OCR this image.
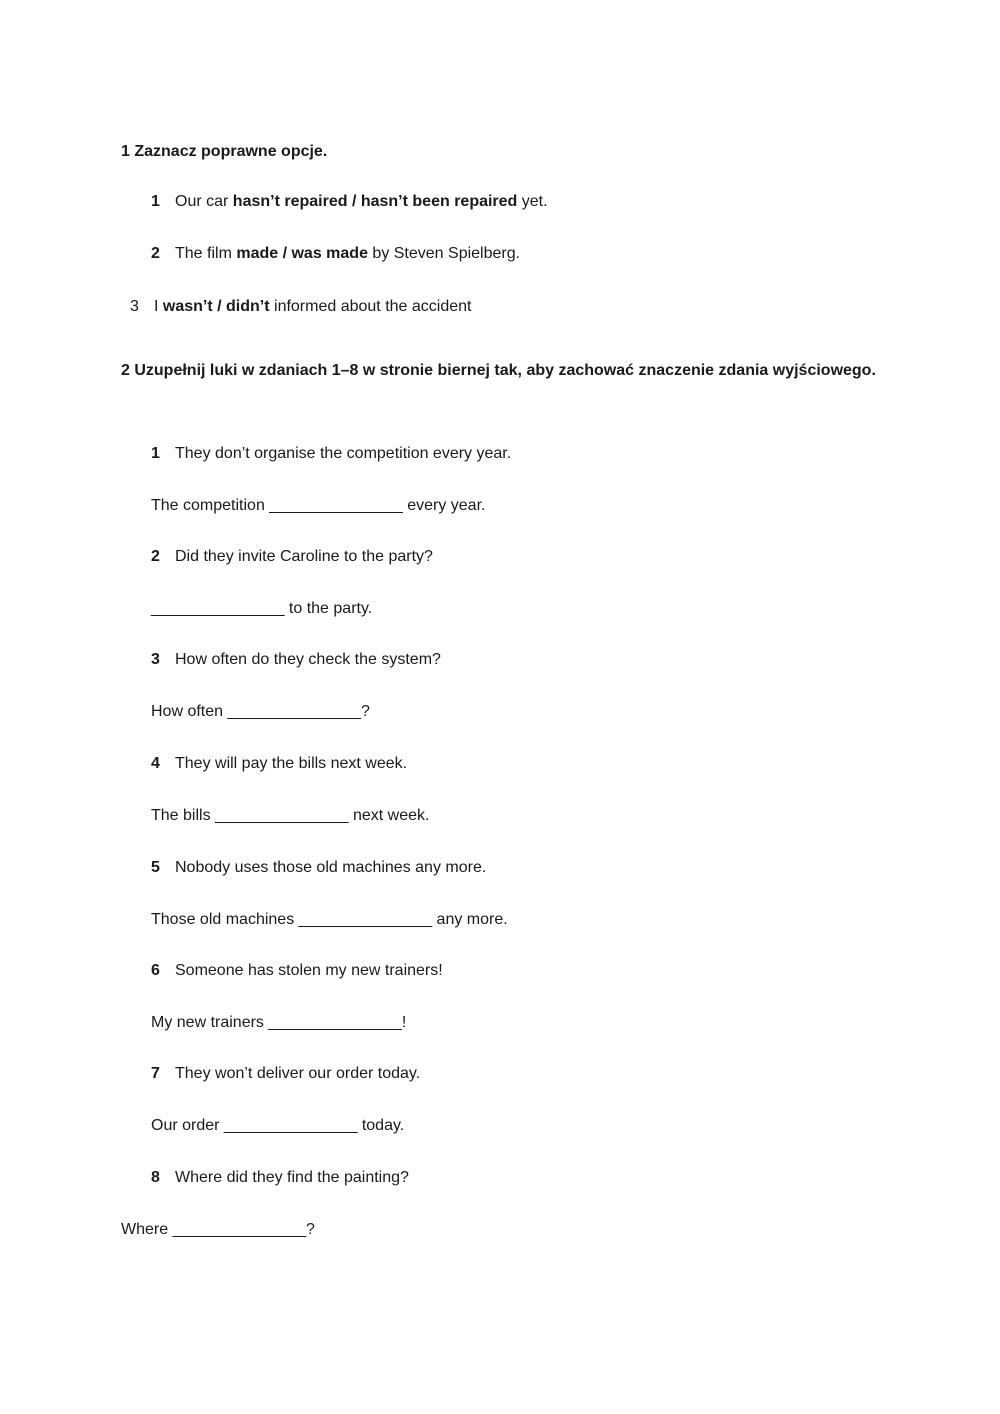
1 Zaznacz poprawne opcje.
1 Our car hasn’t repaired / hasn’t been repaired yet.
2 The film made / was made by Steven Spielberg.
3 I wasn’t / didn’t informed about the accident
2 Uzupełnij luki w zdaniach 1–8 w stronie biernej tak, aby zachować znaczenie zdania wyjściowego.
1 They don’t organise the competition every year.
The competition _______________ every year.
2 Did they invite Caroline to the party?
_______________ to the party.
3 How often do they check the system?
How often _______________?
4 They will pay the bills next week.
The bills _______________ next week.
5 Nobody uses those old machines any more.
Those old machines _______________ any more.
6 Someone has stolen my new trainers!
My new trainers _______________!
7 They won’t deliver our order today.
Our order _______________ today.
8 Where did they find the painting?
Where _______________?
